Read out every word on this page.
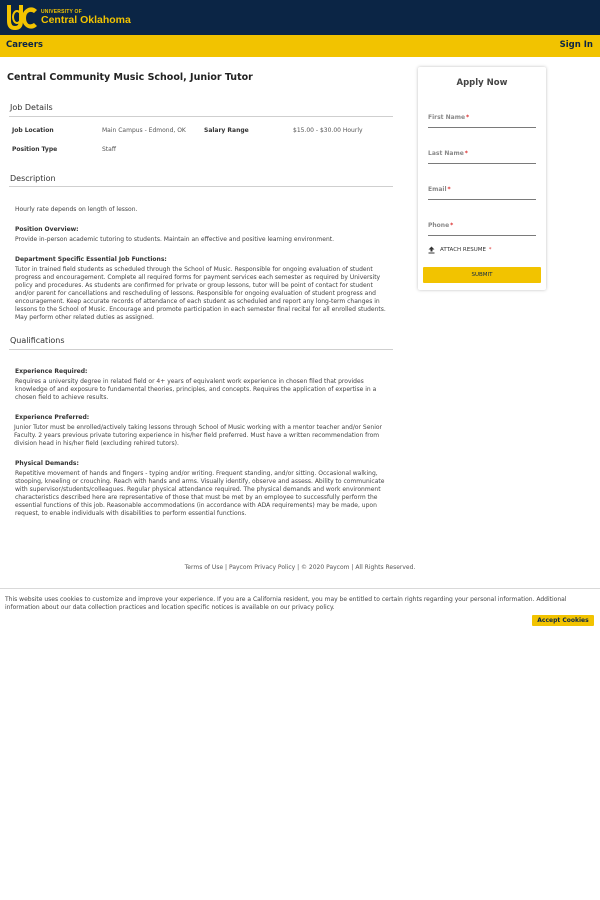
UNIVERSITY OF
Central Oklahoma
Careers	Sign In
Central Community Music School, Junior Tutor
Job Details
Job Location	Main Campus - Edmond, OK	Salary Range	$15.00 - $30.00 Hourly
Position Type	Staff
Description
Hourly rate depends on length of lesson.
Position Overview:
Provide in-person academic tutoring to students. Maintain an effective and positive learning environment.
Department Specific Essential Job Functions:
Tutor in trained field students as scheduled through the School of Music. Responsible for ongoing evaluation of student progress and encouragement. Complete all required forms for payment services each semester as required by University policy and procedures. As students are confirmed for private or group lessons, tutor will be point of contact for student and/or parent for cancellations and rescheduling of lessons. Responsible for ongoing evaluation of student progress and encouragement. Keep accurate records of attendance of each student as scheduled and report any long-term changes in lessons to the School of Music. Encourage and promote participation in each semester final recital for all enrolled students. May perform other related duties as assigned.
Qualifications
Experience Required:
Requires a university degree in related field or 4+ years of equivalent work experience in chosen filed that provides knowledge of and exposure to fundamental theories, principles, and concepts. Requires the application of expertise in a chosen field to achieve results.
Experience Preferred:
Junior Tutor must be enrolled/actively taking lessons through School of Music working with a mentor teacher and/or Senior Faculty. 2 years previous private tutoring experience in his/her field preferred. Must have a written recommendation from division head in his/her field (excluding rehired tutors).
Physical Demands:
Repetitive movement of hands and fingers - typing and/or writing. Frequent standing, and/or sitting. Occasional walking, stooping, kneeling or crouching. Reach with hands and arms. Visually identify, observe and assess. Ability to communicate with supervisor/students/colleagues. Regular physical attendance required. The physical demands and work environment characteristics described here are representative of those that must be met by an employee to successfully perform the essential functions of this job. Reasonable accommodations (in accordance with ADA requirements) may be made, upon request, to enable individuals with disabilities to perform essential functions.
Terms of Use | Paycom Privacy Policy | © 2020 Paycom | All Rights Reserved.
This website uses cookies to customize and improve your experience. If you are a California resident, you may be entitled to certain rights regarding your personal information. Additional information about our data collection practices and location specific notices is available on our privacy policy.
Accept Cookies
Apply Now
First Name*
Last Name*
Email*
Phone*
ATTACH RESUME *
SUBMIT
